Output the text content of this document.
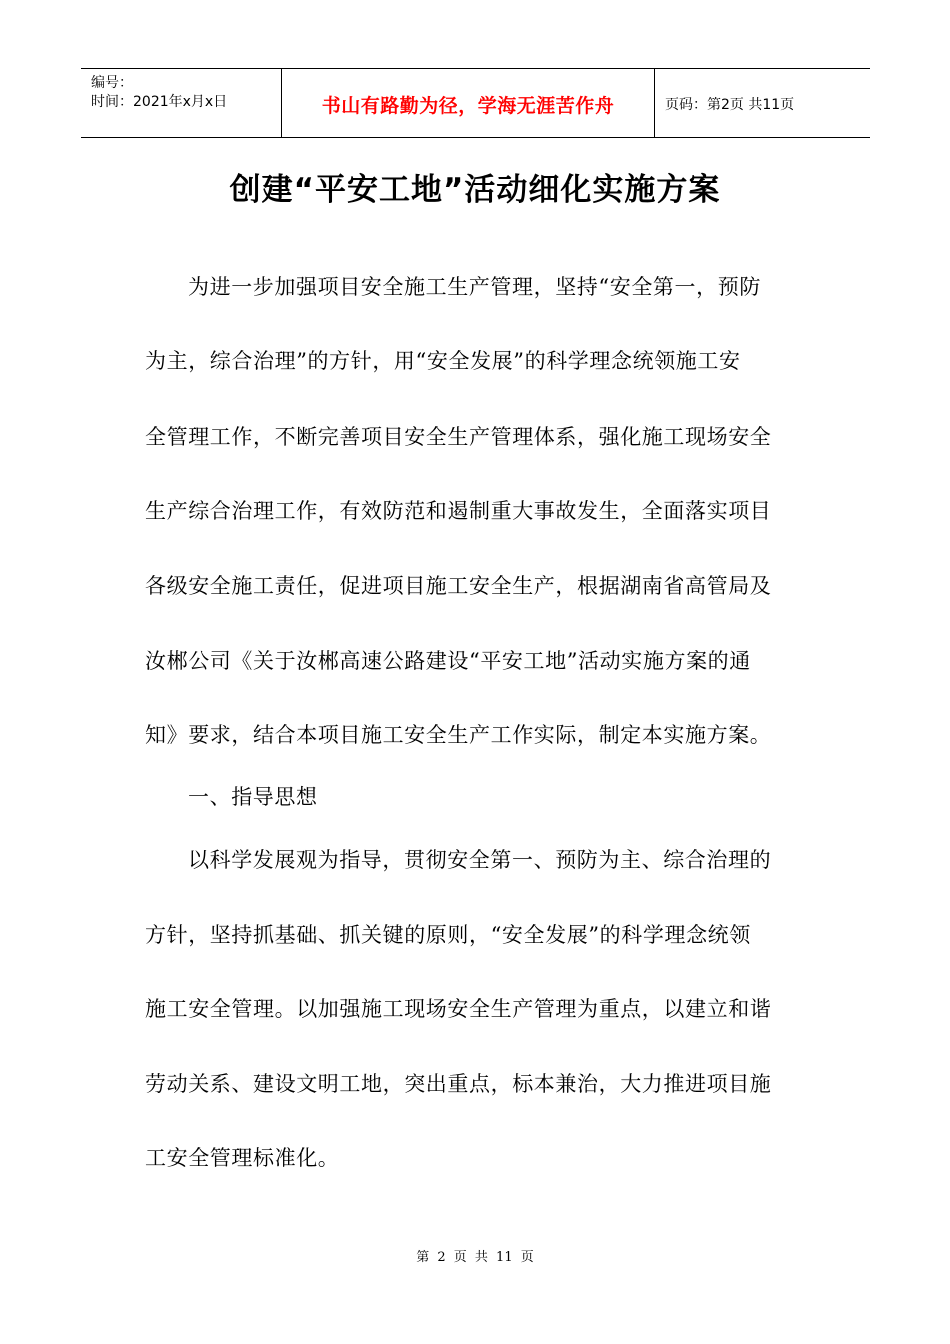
编号：
时间：2021年x月x日	书山有路勤为径，学海无涯苦作舟	页码：第2页 共11页
创建“平安工地”活动细化实施方案
为进一步加强项目安全施工生产管理，坚持“安全第一，预防
为主，综合治理”的方针，用“安全发展”的科学理念统领施工安
全管理工作，不断完善项目安全生产管理体系，强化施工现场安全
生产综合治理工作，有效防范和遏制重大事故发生，全面落实项目
各级安全施工责任，促进项目施工安全生产，根据湖南省高管局及
汝郴公司《关于汝郴高速公路建设“平安工地”活动实施方案的通
知》要求，结合本项目施工安全生产工作实际，制定本实施方案。
一、指导思想
以科学发展观为指导，贯彻安全第一、预防为主、综合治理的
方针，坚持抓基础、抓关键的原则，“安全发展”的科学理念统领
施工安全管理。以加强施工现场安全生产管理为重点，以建立和谐
劳动关系、建设文明工地，突出重点，标本兼治，大力推进项目施
工安全管理标准化。
第 2 页 共 11 页
